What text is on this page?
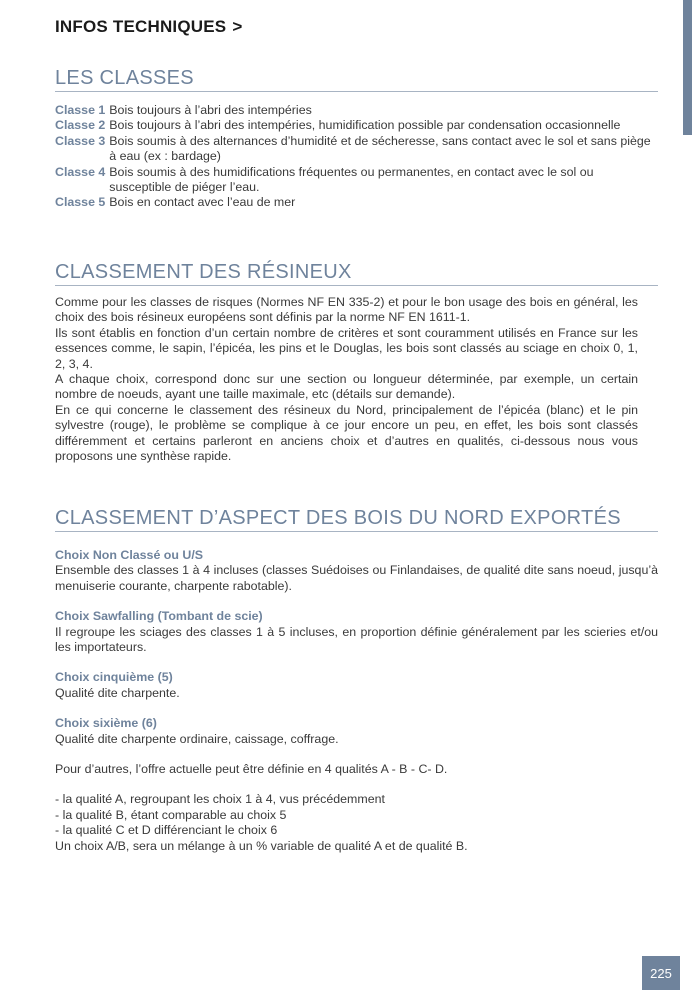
INFOS TECHNIQUES >
LES CLASSES
Classe 1 Bois toujours à l’abri des intempéries
Classe 2 Bois toujours à l’abri des intempéries, humidification possible par condensation occasionnelle
Classe 3 Bois soumis à des alternances d’humidité et de sécheresse, sans contact avec le sol et sans piège à eau (ex : bardage)
Classe 4 Bois soumis à des humidifications fréquentes ou permanentes, en contact avec le sol ou susceptible de piéger l’eau.
Classe 5 Bois en contact avec l’eau de mer
CLASSEMENT DES RÉSINEUX

Comme pour les classes de risques (Normes NF EN 335-2) et pour le bon usage des bois en général, les choix des bois résineux européens sont définis par la norme NF EN 1611-1.

Ils sont établis en fonction d’un certain nombre de critères et sont couramment utilisés en France sur les essences comme, le sapin, l’épicéa, les pins et le Douglas, les bois sont classés au sciage en choix 0, 1, 2, 3, 4.

A chaque choix, correspond donc sur une section ou longueur déterminée, par exemple, un certain nombre de noeuds, ayant une taille maximale, etc (détails sur demande).

En ce qui concerne le classement des résineux du Nord, principalement de l’épicéa (blanc) et le pin sylvestre (rouge), le problème se complique à ce jour encore un peu, en effet, les bois sont classés différemment et certains parleront en anciens choix et d’autres en qualités, ci-dessous nous vous proposons une synthèse rapide.

CLASSEMENT D’ASPECT DES BOIS DU NORD EXPORTÉS
Choix Non Classé ou U/S
Ensemble des classes 1 à 4 incluses (classes Suédoises ou Finlandaises, de qualité dite sans noeud, jusqu’à menuiserie courante, charpente rabotable).
Choix Sawfalling (Tombant de scie)
Il regroupe les sciages des classes 1 à 5 incluses, en proportion définie généralement par les scieries et/ou les importateurs.
Choix cinquième (5)
Qualité dite charpente.
Choix sixième (6)
Qualité dite charpente ordinaire, caissage, coffrage.
Pour d’autres, l’offre actuelle peut être définie en 4 qualités A - B - C- D.
- la qualité A, regroupant les choix 1 à 4, vus précédemment
- la qualité B, étant comparable au choix 5
- la qualité C et D différenciant le choix 6
Un choix A/B, sera un mélange à un % variable de qualité A et de qualité B.
225
